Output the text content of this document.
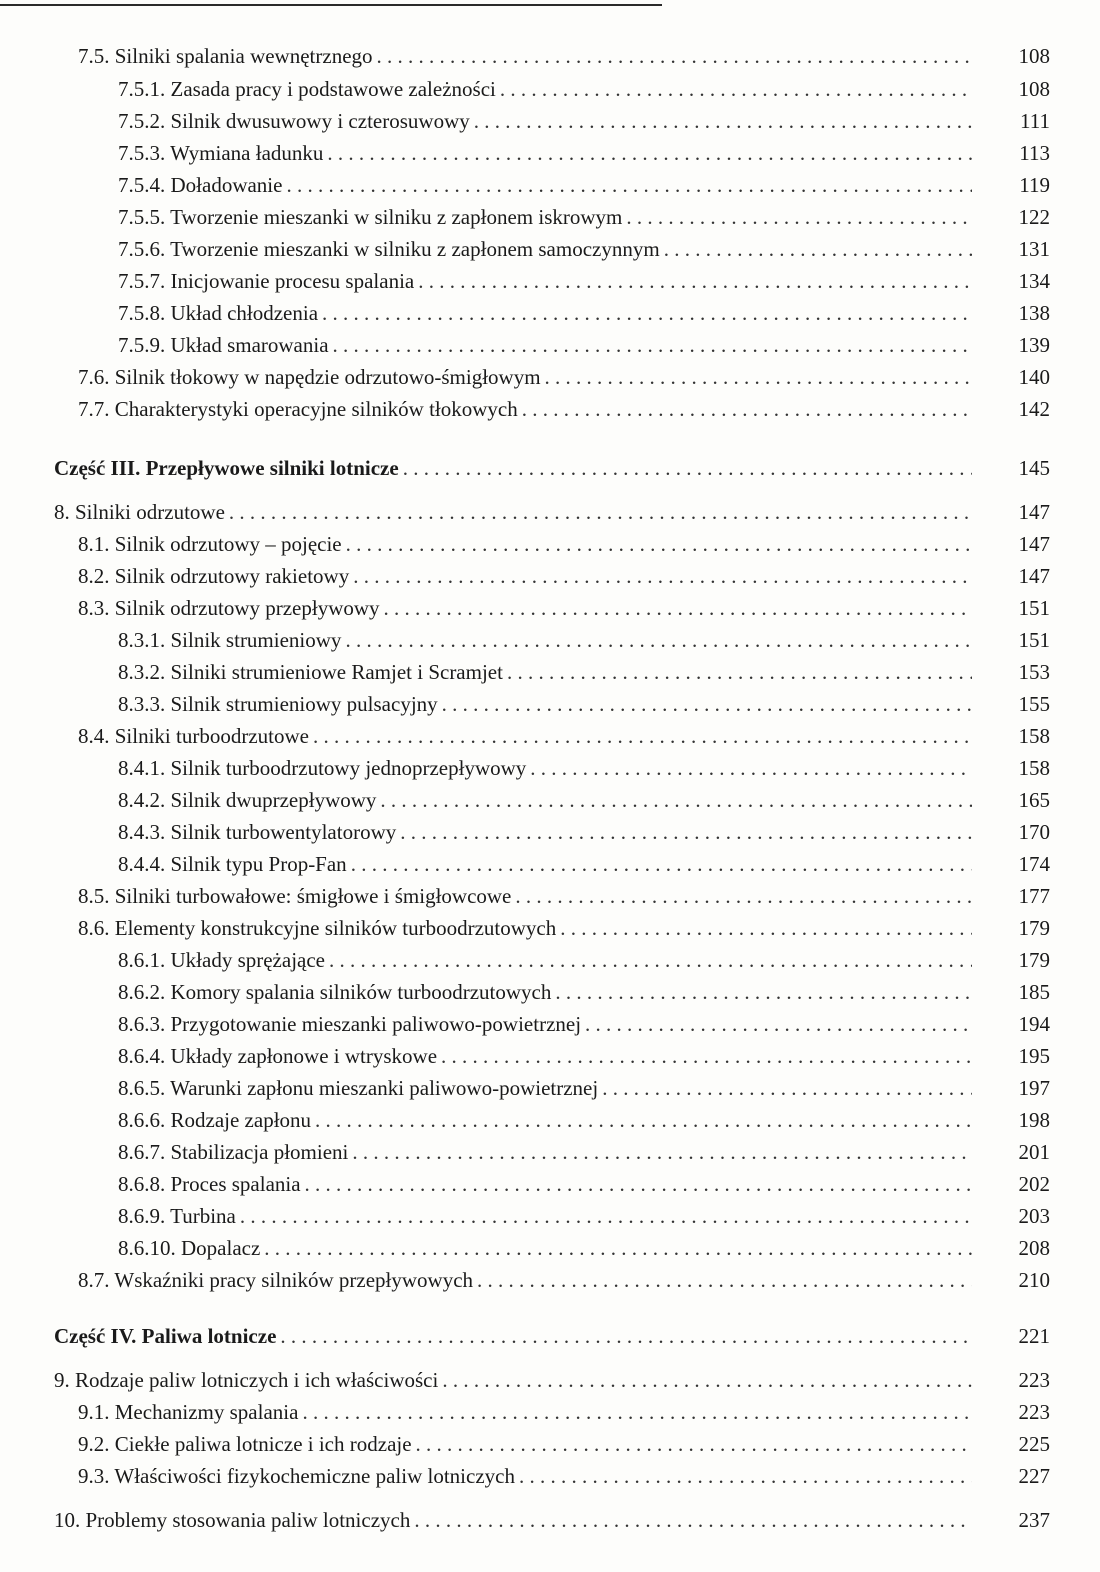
7.5. Silniki spalania wewnętrznego . . .	108
7.5.1. Zasada pracy i podstawowe zależności . . .	108
7.5.2. Silnik dwusuwowy i czterosuwowy . . .	111
7.5.3. Wymiana ładunku . . .	113
7.5.4. Doładowanie . . .	119
7.5.5. Tworzenie mieszanki w silniku z zapłonem iskrowym . . .	122
7.5.6. Tworzenie mieszanki w silniku z zapłonem samoczynnym . . .	131
7.5.7. Inicjowanie procesu spalania . . .	134
7.5.8. Układ chłodzenia . . .	138
7.5.9. Układ smarowania . . .	139
7.6. Silnik tłokowy w napędzie odrzutowo-śmigłowym . . .	140
7.7. Charakterystyki operacyjne silników tłokowych . . .	142
Część III. Przepływowe silniki lotnicze . . .	145
8. Silniki odrzutowe . . .	147
8.1. Silnik odrzutowy – pojęcie . . .	147
8.2. Silnik odrzutowy rakietowy . . .	147
8.3. Silnik odrzutowy przepływowy . . .	151
8.3.1. Silnik strumieniowy . . .	151
8.3.2. Silniki strumieniowe Ramjet i Scramjet . . .	153
8.3.3. Silnik strumieniowy pulsacyjny . . .	155
8.4. Silniki turboodrzutowe . . .	158
8.4.1. Silnik turboodrzutowy jednoprzepływowy . . .	158
8.4.2. Silnik dwuprzepływowy . . .	165
8.4.3. Silnik turbowentylatorowy . . .	170
8.4.4. Silnik typu Prop-Fan . . .	174
8.5. Silniki turbowałowe: śmigłowe i śmigłowcowe . . .	177
8.6. Elementy konstrukcyjne silników turboodrzutowych . . .	179
8.6.1. Układy sprężające . . .	179
8.6.2. Komory spalania silników turboodrzutowych . . .	185
8.6.3. Przygotowanie mieszanki paliwowo-powietrznej . . .	194
8.6.4. Układy zapłonowe i wtryskowe . . .	195
8.6.5. Warunki zapłonu mieszanki paliwowo-powietrznej . . .	197
8.6.6. Rodzaje zapłonu . . .	198
8.6.7. Stabilizacja płomieni . . .	201
8.6.8. Proces spalania . . .	202
8.6.9. Turbina . . .	203
8.6.10. Dopalacz . . .	208
8.7. Wskaźniki pracy silników przepływowych . . .	210
Część IV. Paliwa lotnicze . . .	221
9. Rodzaje paliw lotniczych i ich właściwości . . .	223
9.1. Mechanizmy spalania . . .	223
9.2. Ciekłe paliwa lotnicze i ich rodzaje . . .	225
9.3. Właściwości fizykochemiczne paliw lotniczych . . .	227
10. Problemy stosowania paliw lotniczych . . .	237
